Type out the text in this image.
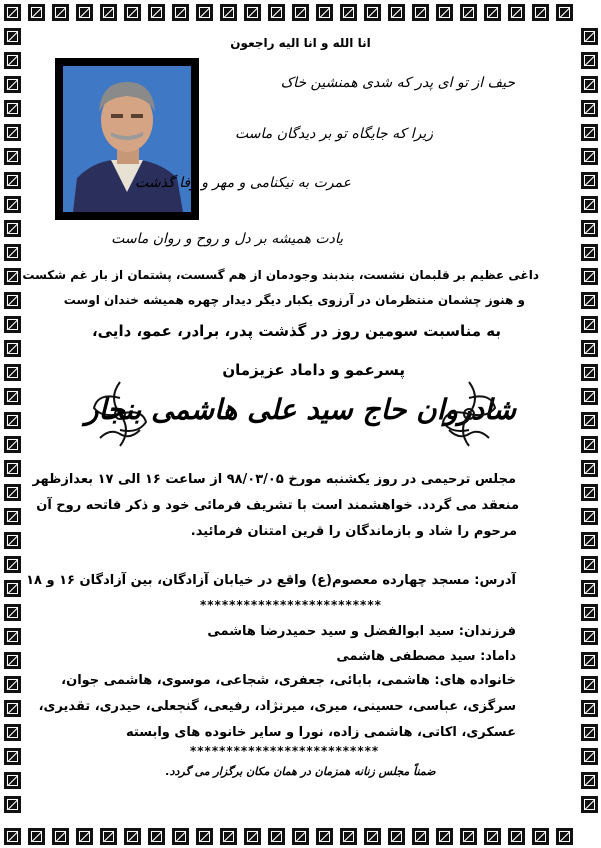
انا الله و انا الیه راجعون
حیف از تو ای پدر که شدی همنشین خاک
زیرا که جایگاه تو بر دیدگان ماست
عمرت به نیکنامی و مهر و وفا گذشت
یادت همیشه بر دل و روح و روان ماست
داغی عظیم بر قلبمان نشست، بندبند وجودمان از هم گسست، پشتمان از بار غم شکست
و هنوز چشمان منتظرمان در آرزوی یکبار دیگر دیدار چهره همیشه خندان اوست
به مناسبت سومین روز در گذشت پدر، برادر، عمو، دایی،
پسرعمو و داماد عزیزمان
شادروان حاج سید علی هاشمی بنجار
مجلس ترحیمی در روز یکشنبه مورخ ۹۸/۰۳/۰۵ از ساعت ۱۶ الی ۱۷ بعدازظهر
منعقد می گردد. خواهشمند است با تشریف فرمائی خود و ذکر فاتحه روح آن
مرحوم را شاد و بازماندگان را قرین امتنان فرمائید.
آدرس: مسجد چهارده معصوم(ع) واقع در خیابان آزادگان، بین آزادگان ۱۶ و ۱۸
*************************
فرزندان: سید ابوالفضل و سید حمیدرضا هاشمی
داماد: سید مصطفی هاشمی
خانواده های: هاشمی، بابائی، جعفری، شجاعی، موسوی، هاشمی جوان،
سرگزی، عباسی، حسینی، میری، میرنژاد، رفیعی، گنجعلی، حیدری، تقدیری،
عسکری، اکاتی، هاشمی زاده، نورا و سایر خانوده های وابسته
**************************
ضمناً مجلس زنانه همزمان در همان مکان برگزار می گردد.
